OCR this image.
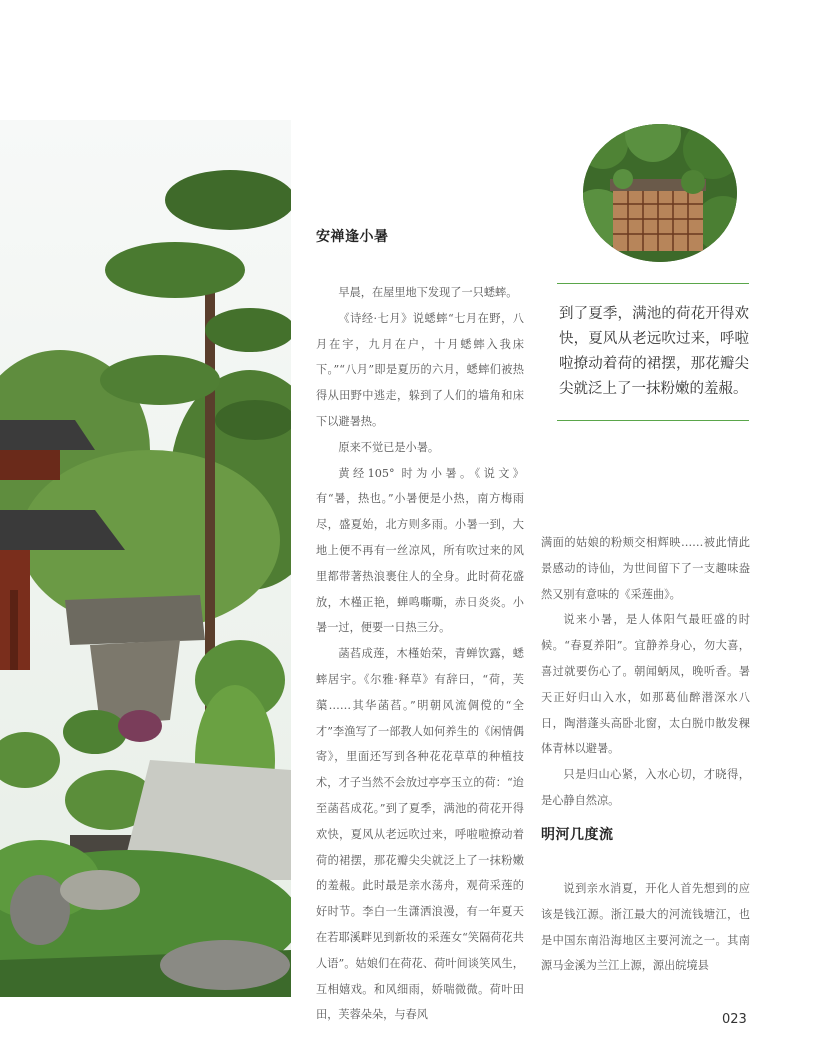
安禅逢小暑

早晨，在屋里地下发现了一只蟋蟀。

《诗经·七月》说蟋蟀“七月在野，八月在宇，九月在户，十月蟋蟀入我床下。”“八月”即是夏历的六月，蟋蟀们被热得从田野中逃走，躲到了人们的墙角和床下以避暑热。

原来不觉已是小暑。

黄经105° 时为小暑。《说文》有“暑，热也。”小暑便是小热，南方梅雨尽，盛夏始，北方则多雨。小暑一到，大地上便不再有一丝凉风，所有吹过来的风里都带著热浪裹住人的全身。此时荷花盛放，木槿正艳，蝉鸣嘶嘶，赤日炎炎。小暑一过，便要一日热三分。

菡萏成莲，木槿始荣，青蝉饮露，蟋蟀居宇。《尔雅·释草》有辞曰，“荷，芙蕖……其华菡萏。”明朝风流倜傥的“全才”李渔写了一部教人如何养生的《闲情偶寄》，里面还写到各种花花草草的种植技术，才子当然不会放过亭亭玉立的荷：“迨至菡萏成花。”到了夏季，满池的荷花开得欢快，夏风从老远吹过来，呼啦啦撩动着荷的裙摆，那花瓣尖尖就泛上了一抹粉嫩的羞赧。此时最是亲水荡舟，观荷采莲的好时节。李白一生潇洒浪漫，有一年夏天在若耶溪畔见到新妆的采莲女“笑隔荷花共人语”。姑娘们在荷花、荷叶间谈笑风生，互相嬉戏。和风细雨，娇喘微微。荷叶田田，芙蓉朵朵，与春风

到了夏季，满池的荷花开得欢快，夏风从老远吹过来，呼啦啦撩动着荷的裙摆，那花瓣尖尖就泛上了一抹粉嫩的羞赧。

满面的姑娘的粉颊交相辉映……被此情此景感动的诗仙，为世间留下了一支趣味盎然又别有意味的《采莲曲》。

说来小暑，是人体阳气最旺盛的时候。“春夏养阳”。宜静养身心，勿大喜，喜过就要伤心了。朝闻蛃凤，晚听香。暑天正好归山入水，如那葛仙醉潜深水八日，陶潜蓬头高卧北窗，太白脱巾散发稞体青林以避暑。

只是归山心紧，入水心切，才晓得，是心静自然凉。

明河几度流

说到亲水消夏，开化人首先想到的应该是钱江源。浙江最大的河流钱塘江，也是中国东南沿海地区主要河流之一。其南源马金溪为兰江上源，源出皖境县

023
